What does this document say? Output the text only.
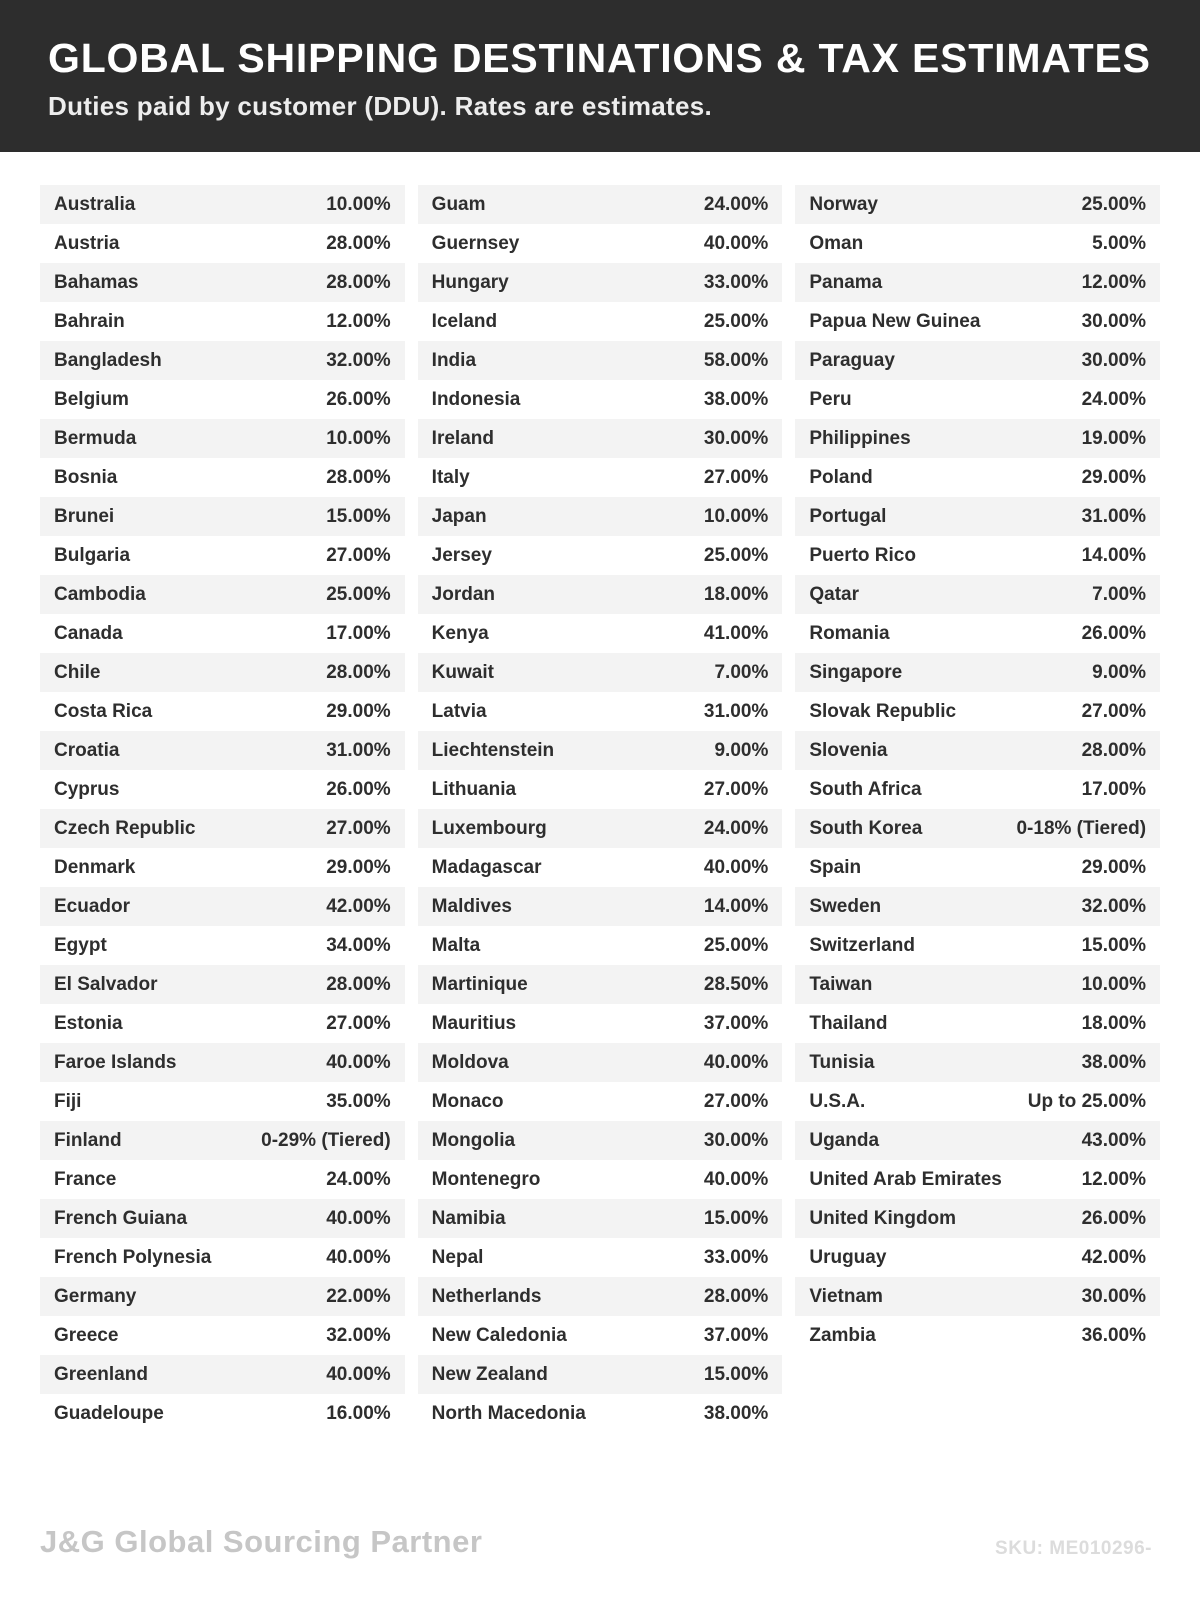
GLOBAL SHIPPING DESTINATIONS & TAX ESTIMATES

Duties paid by customer (DDU). Rates are estimates.

Australia	10.00%
Austria	28.00%
Bahamas	28.00%
Bahrain	12.00%
Bangladesh	32.00%
Belgium	26.00%
Bermuda	10.00%
Bosnia	28.00%
Brunei	15.00%
Bulgaria	27.00%
Cambodia	25.00%
Canada	17.00%
Chile	28.00%
Costa Rica	29.00%
Croatia	31.00%
Cyprus	26.00%
Czech Republic	27.00%
Denmark	29.00%
Ecuador	42.00%
Egypt	34.00%
El Salvador	28.00%
Estonia	27.00%
Faroe Islands	40.00%
Fiji	35.00%
Finland	0-29% (Tiered)
France	24.00%
French Guiana	40.00%
French Polynesia	40.00%
Germany	22.00%
Greece	32.00%
Greenland	40.00%
Guadeloupe	16.00%
Guam	24.00%
Guernsey	40.00%
Hungary	33.00%
Iceland	25.00%
India	58.00%
Indonesia	38.00%
Ireland	30.00%
Italy	27.00%
Japan	10.00%
Jersey	25.00%
Jordan	18.00%
Kenya	41.00%
Kuwait	7.00%
Latvia	31.00%
Liechtenstein	9.00%
Lithuania	27.00%
Luxembourg	24.00%
Madagascar	40.00%
Maldives	14.00%
Malta	25.00%
Martinique	28.50%
Mauritius	37.00%
Moldova	40.00%
Monaco	27.00%
Mongolia	30.00%
Montenegro	40.00%
Namibia	15.00%
Nepal	33.00%
Netherlands	28.00%
New Caledonia	37.00%
New Zealand	15.00%
North Macedonia	38.00%
Norway	25.00%
Oman	5.00%
Panama	12.00%
Papua New Guinea	30.00%
Paraguay	30.00%
Peru	24.00%
Philippines	19.00%
Poland	29.00%
Portugal	31.00%
Puerto Rico	14.00%
Qatar	7.00%
Romania	26.00%
Singapore	9.00%
Slovak Republic	27.00%
Slovenia	28.00%
South Africa	17.00%
South Korea	0-18% (Tiered)
Spain	29.00%
Sweden	32.00%
Switzerland	15.00%
Taiwan	10.00%
Thailand	18.00%
Tunisia	38.00%
U.S.A.	Up to 25.00%
Uganda	43.00%
United Arab Emirates	12.00%
United Kingdom	26.00%
Uruguay	42.00%
Vietnam	30.00%
Zambia	36.00%
J&G Global Sourcing Partner	SKU: ME010296-
